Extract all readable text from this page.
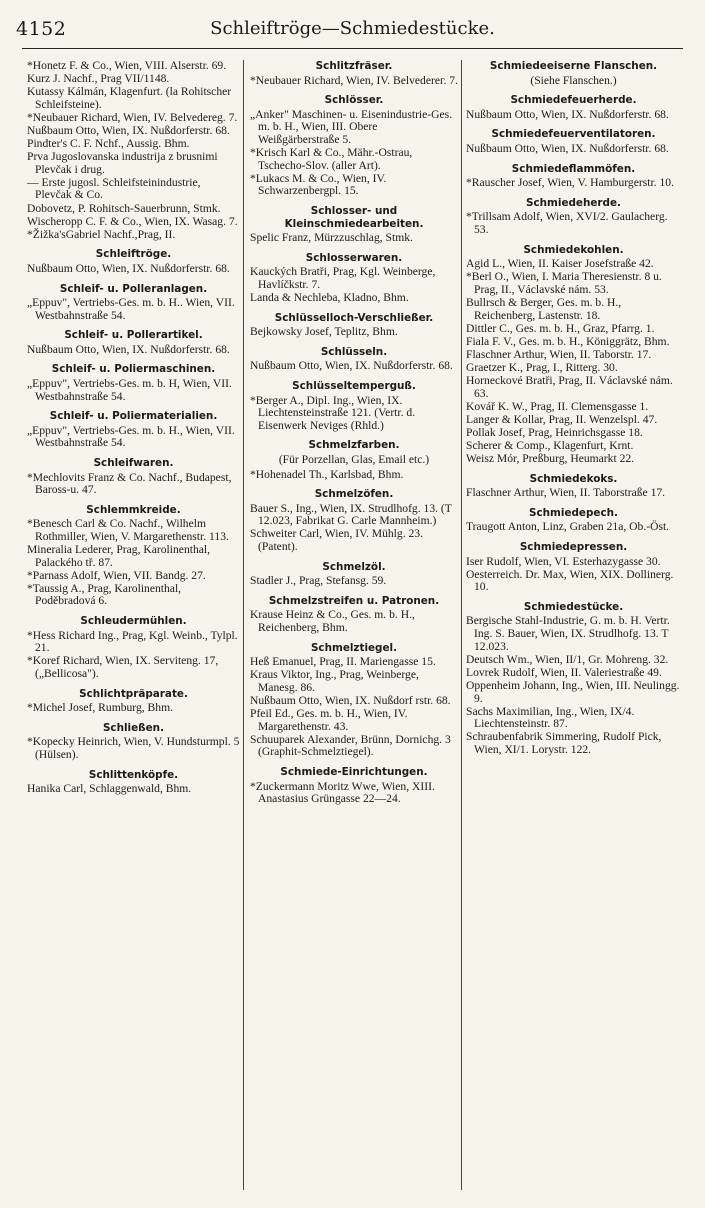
4152	Schleiftröge—Schmiedestücke.
*Honetz F. & Co., Wien, VIII. Alserstr. 69.
Kurz J. Nachf., Prag VII/1148.
Kutassy Kálmán, Klagenfurt. (la Rohitscher Schleifsteine).
*Neubauer Richard, Wien, IV. Belvedereg. 7.
Nußbaum Otto, Wien, IX. Nußdorferstr. 68.
Pindter's C. F. Nchf., Aussig. Bhm.
Prva Jugoslovanska industrija z brusnimi Plevčak i drug.
— Erste jugosl. Schleifsteinindustrie, Plevčak & Co.
Dobovetz, P. Rohitsch-Sauerbrunn, Stmk.
Wischeropp C. F. & Co., Wien, IX. Wasag. 7.
*Žižka'sGabriel Nachf.,Prag, II.
Schleiftröge.
Nußbaum Otto, Wien, IX. Nußdorferstr. 68.
Schleif- u. Polleranlagen.
„Eppuv", Vertriebs-Ges. m. b. H.. Wien, VII. Westbahnstraße 54.
Schleif- u. Pollerartikel.
Nußbaum Otto, Wien, IX. Nußdorferstr. 68.
Schleif- u. Poliermaschinen.
„Eppuv", Vertriebs-Ges. m. b. H, Wien, VII. Westbahnstraße 54.
Schleif- u. Poliermaterialien.
„Eppuv", Vertriebs-Ges. m. b. H., Wien, VII. Westbahnstraße 54.
Schleifwaren.
*Mechlovits Franz & Co. Nachf., Budapest, Baross-u. 47.
Schlemmkreide.
*Benesch Carl & Co. Nachf., Wilhelm Rothmiller, Wien, V. Margarethenstr. 113.
Mineralia Lederer, Prag, Karolinenthal, Palackého tř. 87.
*Parnass Adolf, Wien, VII. Bandg. 27.
*Taussig A., Prag, Karolinenthal, Poděbradová 6.
Schleudermühlen.
*Hess Richard Ing., Prag, Kgl. Weinb., Tylpl. 21.
*Koref Richard, Wien, IX. Serviteng. 17, („Bellicosa").
Schlichtpräparate.
*Michel Josef, Rumburg, Bhm.
Schließen.
*Kopecky Heinrich, Wien, V. Hundsturmpl. 5 (Hülsen).
Schlittenköpfe.
Hanika Carl, Schlaggenwald, Bhm.
Schlitzfräser.
*Neubauer Richard, Wien, IV. Belvederег. 7.
Schlösser.
„Anker" Maschinen- u. Eisenindustrie-Ges. m. b. H., Wien, III. Obere Weißgärberstraße 5.
*Krisch Karl & Co., Mähr.-Ostrau, Tschecho-Slov. (aller Art).
*Lukacs M. & Co., Wien, IV. Schwarzenbergpl. 15.
Schlosser- und Kleinschmiedearbeiten.
Spelic Franz, Mürzzuschlag, Stmk.
Schlosserwaren.
Kauckých Bratři, Prag, Kgl. Weinberge, Havlíčkstr. 7.
Landa & Nechleba, Kladno, Bhm.
Schlüsselloch-Verschließer.
Bejkowsky Josef, Teplitz, Bhm.
Schlüsseln.
Nußbaum Otto, Wien, IX. Nußdorferstr. 68.
Schlüsseltemperguß.
*Berger A., Dipl. Ing., Wien, IX. Liechtensteinstraße 121. (Vertr. d. Eisenwerk Neviges (Rhld.)
Schmelzfarben.
(Für Porzellan, Glas, Email etc.)
*Hohenadel Th., Karlsbad, Bhm.
Schmelzöfen.
Bauer S., Ing., Wien, IX. Strudlhofg. 13. (T 12.023, Fabrikat G. Carle Mannheim.)
Schweiter Carl, Wien, IV. Mühlg. 23. (Patent).
Schmelzöl.
Stadler J., Prag, Stefansg. 59.
Schmelzstreifen u. Patronen.
Krause Heinz & Co., Ges. m. b. H., Reichenberg, Bhm.
Schmelztiegel.
Heß Emanuel, Prag, II. Mariengasse 15.
Kraus Viktor, Ing., Prag, Weinberge, Manesg. 86.
Nußbaum Otto, Wien, IX. Nußdorf rstr. 68.
Pfeil Ed., Ges. m. b. H., Wien, IV. Margarethenstr. 43.
Schuuparek Alexander, Brünn, Dornichg. 3 (Graphit-Schmelztiegel).
Schmiede-Einrichtungen.
*Zuckermann Moritz Wwe, Wien, XIII. Anastasius Grüngasse 22—24.
Schmiedeeiserne Flanschen.
(Siehe Flanschen.)
Schmiedefeuerherde.
Nußbaum Otto, Wien, IX. Nußdorferstr. 68.
Schmiedefeuerventilatoren.
Nußbaum Otto, Wien, IX. Nußdorferstr. 68.
Schmiedeflammöfen.
*Rauscher Josef, Wien, V. Hamburgerstr. 10.
Schmiedeherde.
*Trillsam Adolf, Wien, XVI/2. Gaulacherg. 53.
Schmiedekohlen.
Agid L., Wien, II. Kaiser Josefstraße 42.
*Berl O., Wien, I. Maria Theresienstr. 8 u. Prag, II., Václavské nám. 53.
Bullrsch & Berger, Ges. m. b. H., Reichenberg, Lastenstr. 18.
Dittler C., Ges. m. b. H., Graz, Pfarrg. 1.
Fiala F. V., Ges. m. b. H., Königgrätz, Bhm.
Flaschner Arthur, Wien, II. Taborstr. 17.
Graetzer K., Prag, I., Ritterg. 30.
Horneckové Bratři, Prag, II. Václavské nám. 63.
Kovář K. W., Prag, II. Clemensgasse 1.
Langer & Kollar, Prag, II. Wenzelspl. 47.
Pollak Josef, Prag, Heinrichsgasse 18.
Scherer & Comp., Klagenfurt, Krnt.
Weisz Mór, Preßburg, Heumarkt 22.
Schmiedekoks.
Flaschner Arthur, Wien, II. Taborstraße 17.
Schmiedepech.
Traugott Anton, Linz, Graben 21a, Ob.-Öst.
Schmiedepressen.
Iser Rudolf, Wien, VI. Esterhazygasse 30.
Oesterreich. Dr. Max, Wien, XIX. Dollinerg. 10.
Schmiedestücke.
Bergische Stahl-Industrie, G. m. b. H. Vertr. Ing. S. Bauer, Wien, IX. Strudlhofg. 13. T 12.023.
Deutsch Wm., Wien, II/1, Gr. Mohreng. 32.
Lovrek Rudolf, Wien, II. Valeriestraße 49.
Oppenheim Johann, Ing., Wien, III. Neulingg. 9.
Sachs Maximilian, Ing., Wien, IX/4. Liechtensteinstr. 87.
Schraubenfabrik Simmering, Rudolf Pick, Wien, XI/1. Lorystr. 122.
